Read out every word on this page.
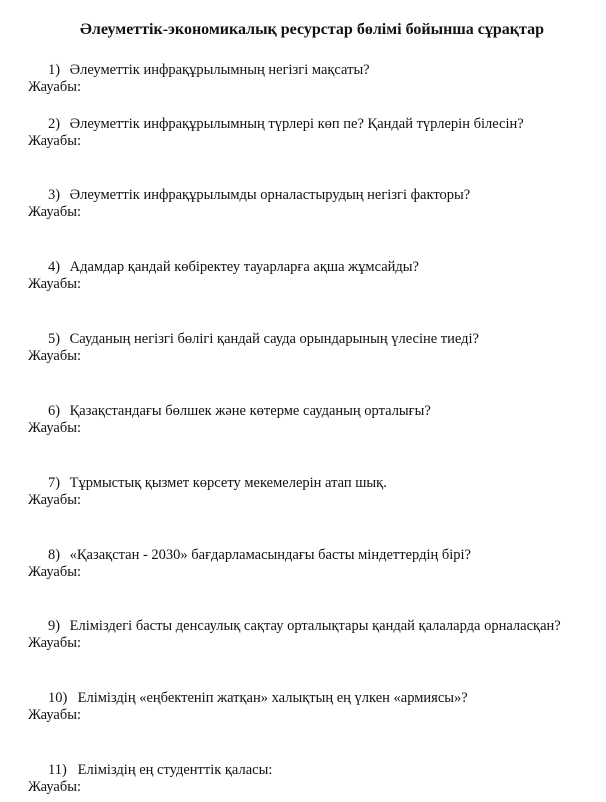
Әлеуметтік-экономикалық ресурстар бөлімі бойынша сұрақтар
1) Әлеуметтік инфрақұрылымның негізгі мақсаты?
Жауабы:
2) Әлеуметтік инфрақұрылымның түрлері көп пе? Қандай түрлерін білесін?
Жауабы:
3) Әлеуметтік инфрақұрылымды орналастырудың негізгі факторы?
Жауабы:
4) Адамдар қандай көбіректеу тауарларға ақша жұмсайды?
Жауабы:
5) Сауданың негізгі бөлігі қандай сауда орындарының үлесіне тиеді?
Жауабы:
6) Қазақстандағы бөлшек және көтерме сауданың орталығы?
Жауабы:
7) Тұрмыстық қызмет көрсету мекемелерін атап шық.
Жауабы:
8) «Қазақстан - 2030» бағдарламасындағы басты міндеттердің бірі?
Жауабы:
9) Еліміздегі басты денсаулық сақтау орталықтары қандай қалаларда орналасқан?
Жауабы:
10) Еліміздің «еңбектеніп жатқан» халықтың ең үлкен «армиясы»?
Жауабы:
11) Еліміздің ең студенттік қаласы:
Жауабы:
